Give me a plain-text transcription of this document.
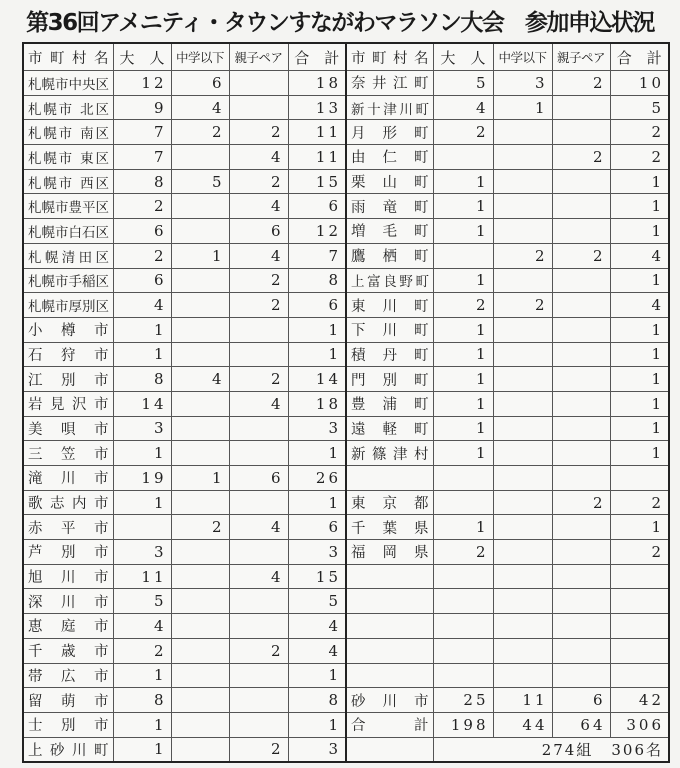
第36回アメニティ・タウンすながわマラソン大会　参加申込状況
市町村名	大　人	中学以下	親子ペア	合　計	市町村名	大　人	中学以下	親子ペア	合　計
札幌市中央区	12	6		18	奈井江町	5	3	2	10
札幌市 北区	9	4		13	新十津川町	4	1		5
札幌市 南区	7	2	2	11	月形町	2			2
札幌市 東区	7		4	11	由仁町			2	2
札幌市 西区	8	5	2	15	栗山町	1			1
札幌市豊平区	2		4	6	雨竜町	1			1
札幌市白石区	6		6	12	増毛町	1			1
札幌清田区	2	1	4	7	鷹栖町		2	2	4
札幌市手稲区	6		2	8	上富良野町	1			1
札幌市厚別区	4		2	6	東川町	2	2		4
小樽市	1			1	下川町	1			1
石狩市	1			1	積丹町	1			1
江別市	8	4	2	14	門別町	1			1
岩見沢市	14		4	18	豊浦町	1			1
美唄市	3			3	遠軽町	1			1
三笠市	1			1	新篠津村	1			1
滝川市	19	1	6	26					
歌志内市	1			1	東京都			2	2
赤平市		2	4	6	千葉県	1			1
芦別市	3			3	福岡県	2			2
旭川市	11		4	15					
深川市	5			5					
恵庭市	4			4					
千歳市	2		2	4					
帯広市	1			1					
留萌市	8			8	砂川市	25	11	6	42
士別市	1			1	合計	198	44	64	306
上砂川町	1		2	3		274組 306名			
